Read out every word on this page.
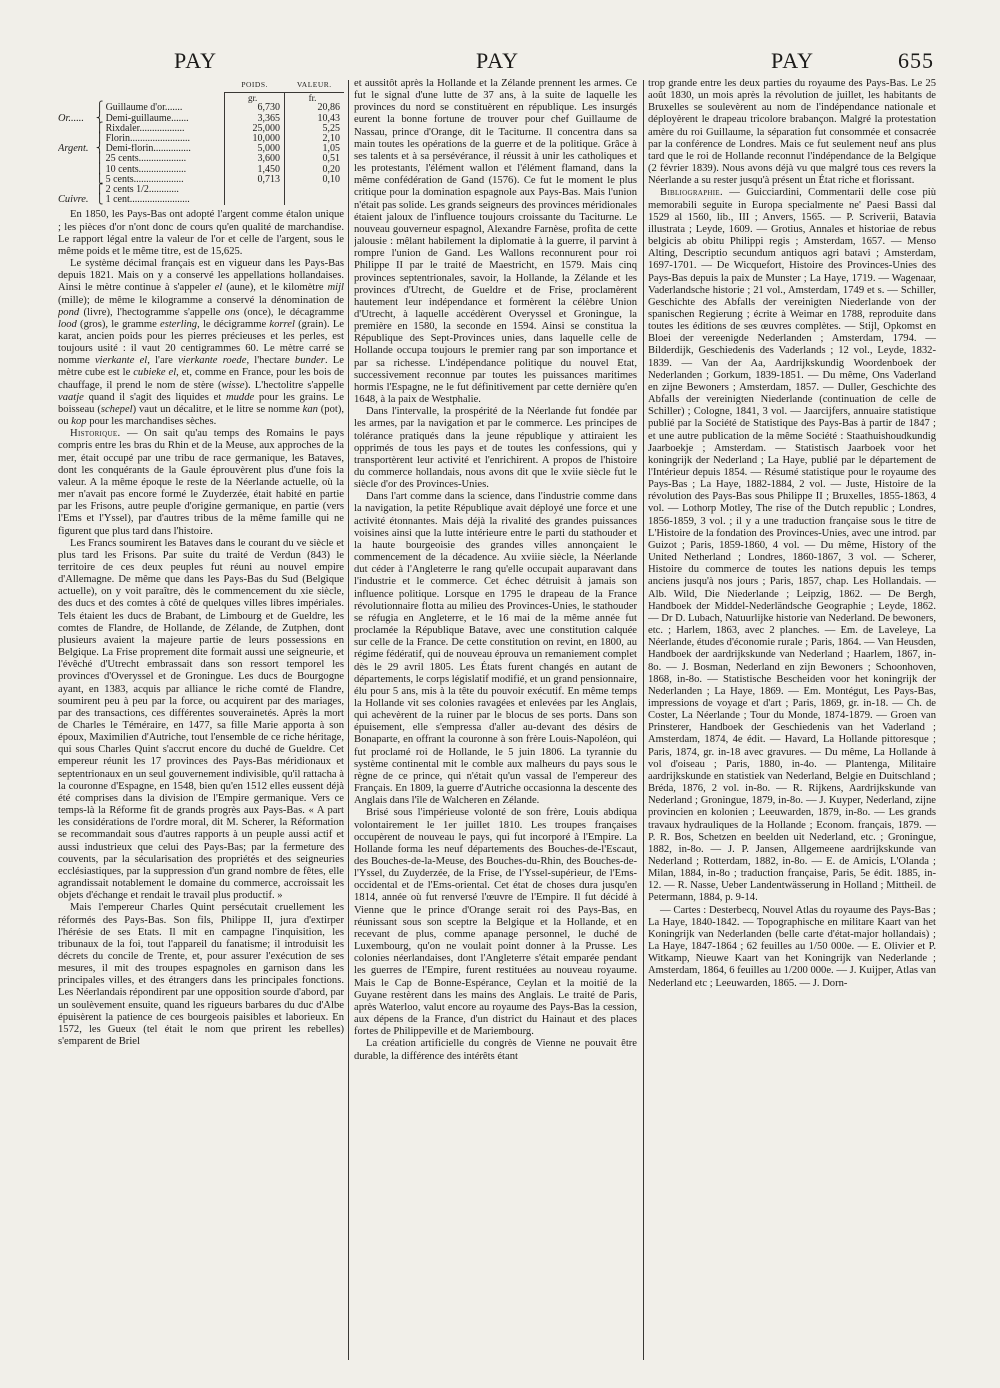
PAY	PAY	PAY	655
			POIDS.	VALEUR.
			gr.	fr.
	⎧	Guillaume d'or.......	6,730	20,86
Or......	⎨	Demi-guillaume.......	3,365	10,43
	⎧	Rixdaler..................	25,000	5,25
	⎪	Florin........................	10,000	2,10
Argent.	⎨	Demi-florin...............	5,000	1,05
	⎪	25 cents...................	3,600	0,51
	⎪	10 cents...................	1,450	0,20
	⎩	5 cents....................	0,713	0,10
	⎧	2 cents 1/2............		
Cuivre.	⎩	1 cent........................		

En 1850, les Pays-Bas ont adopté l'argent comme étalon unique ; les pièces d'or n'ont donc de cours qu'en qualité de marchandise. Le rapport légal entre la valeur de l'or et celle de l'argent, sous le même poids et le même titre, est de 15,625.

Le système décimal français est en vigueur dans les Pays-Bas depuis 1821. Mais on y a conservé les appellations hollandaises. Ainsi le mètre continue à s'appeler el (aune), et le kilomètre mijl (mille); de même le kilogramme a conservé la dénomination de pond (livre), l'hectogramme s'appelle ons (once), le décagramme lood (gros), le gramme esterling, le décigramme korrel (grain). Le karat, ancien poids pour les pierres précieuses et les perles, est toujours usité : il vaut 20 centigrammes 60. Le mètre carré se nomme vierkante el, l'are vierkante roede, l'hectare bunder. Le mètre cube est le cubieke el, et, comme en France, pour les bois de chauffage, il prend le nom de stère (wisse). L'hectolitre s'appelle vaatje quand il s'agit des liquides et mudde pour les grains. Le boisseau (schepel) vaut un décalitre, et le litre se nomme kan (pot), ou kop pour les marchandises sèches.

Historique. — On sait qu'au temps des Romains le pays compris entre les bras du Rhin et de la Meuse, aux approches de la mer, était occupé par une tribu de race germanique, les Bataves, dont les conquérants de la Gaule éprouvèrent plus d'une fois la valeur. A la même époque le reste de la Néerlande actuelle, où la mer n'avait pas encore formé le Zuyderzée, était habité en partie par les Frisons, autre peuple d'origine germanique, en partie (vers l'Ems et l'Yssel), par d'autres tribus de la même famille qui ne figurent que plus tard dans l'histoire.

Les Francs soumirent les Bataves dans le courant du ve siècle et plus tard les Frisons. Par suite du traité de Verdun (843) le territoire de ces deux peuples fut réuni au nouvel empire d'Allemagne. De même que dans les Pays-Bas du Sud (Belgique actuelle), on y voit paraître, dès le commencement du xie siècle, des ducs et des comtes à côté de quelques villes libres impériales. Tels étaient les ducs de Brabant, de Limbourg et de Gueldre, les comtes de Flandre, de Hollande, de Zélande, de Zutphen, dont plusieurs avaient la majeure partie de leurs possessions en Belgique. La Frise proprement dite formait aussi une seigneurie, et l'évêché d'Utrecht embrassait dans son ressort temporel les provinces d'Overyssel et de Groningue. Les ducs de Bourgogne ayant, en 1383, acquis par alliance le riche comté de Flandre, soumirent peu à peu par la force, ou acquirent par des mariages, par des transactions, ces différentes souverainetés. Après la mort de Charles le Téméraire, en 1477, sa fille Marie apporta à son époux, Maximilien d'Autriche, tout l'ensemble de ce riche héritage, qui sous Charles Quint s'accrut encore du duché de Gueldre. Cet empereur réunit les 17 provinces des Pays-Bas méridionaux et septentrionaux en un seul gouvernement indivisible, qu'il rattacha à la couronne d'Espagne, en 1548, bien qu'en 1512 elles eussent déjà été comprises dans la division de l'Empire germanique. Vers ce temps-là la Réforme fit de grands progrès aux Pays-Bas. « A part les considérations de l'ordre moral, dit M. Scherer, la Réformation se recommandait sous d'autres rapports à un peuple aussi actif et aussi industrieux que celui des Pays-Bas; par la fermeture des couvents, par la sécularisation des propriétés et des seigneuries ecclésiastiques, par la suppression d'un grand nombre de fêtes, elle agrandissait notablement le domaine du commerce, accroissait les objets d'échange et rendait le travail plus productif. »

Mais l'empereur Charles Quint persécutait cruellement les réformés des Pays-Bas. Son fils, Philippe II, jura d'extirper l'hérésie de ses Etats. Il mit en campagne l'inquisition, les tribunaux de la foi, tout l'appareil du fanatisme; il introduisit les décrets du concile de Trente, et, pour assurer l'exécution de ses mesures, il mit des troupes espagnoles en garnison dans les principales villes, et des étrangers dans les principales fonctions. Les Néerlandais répondirent par une opposition sourde d'abord, par un soulèvement ensuite, quand les rigueurs barbares du duc d'Albe épuisèrent la patience de ces bourgeois paisibles et laborieux. En 1572, les Gueux (tel était le nom que prirent les rebelles) s'emparent de Briel

et aussitôt après la Hollande et la Zélande prennent les armes. Ce fut le signal d'une lutte de 37 ans, à la suite de laquelle les provinces du nord se constituèrent en république. Les insurgés eurent la bonne fortune de trouver pour chef Guillaume de Nassau, prince d'Orange, dit le Taciturne. Il concentra dans sa main toutes les opérations de la guerre et de la politique. Grâce à ses talents et à sa persévérance, il réussit à unir les catholiques et les protestants, l'élément wallon et l'élément flamand, dans la même confédération de Gand (1576). Ce fut le moment le plus critique pour la domination espagnole aux Pays-Bas. Mais l'union n'était pas solide. Les grands seigneurs des provinces méridionales étaient jaloux de l'influence toujours croissante du Taciturne. Le nouveau gouverneur espagnol, Alexandre Farnèse, profita de cette jalousie : mêlant habilement la diplomatie à la guerre, il parvint à rompre l'union de Gand. Les Wallons reconnurent pour roi Philippe II par le traité de Maestricht, en 1579. Mais cinq provinces septentrionales, savoir, la Hollande, la Zélande et les provinces d'Utrecht, de Gueldre et de Frise, proclamèrent hautement leur indépendance et formèrent la célèbre Union d'Utrecht, à laquelle accédèrent Overyssel et Groningue, la première en 1580, la seconde en 1594. Ainsi se constitua la République des Sept-Provinces unies, dans laquelle celle de Hollande occupa toujours le premier rang par son importance et par sa richesse. L'indépendance politique du nouvel Etat, successivement reconnue par toutes les puissances maritimes hormis l'Espagne, ne le fut définitivement par cette dernière qu'en 1648, à la paix de Westphalie.

Dans l'intervalle, la prospérité de la Néerlande fut fondée par les armes, par la navigation et par le commerce. Les principes de tolérance pratiqués dans la jeune république y attiraient les opprimés de tous les pays et de toutes les confessions, qui y transportèrent leur activité et l'enrichirent. A propos de l'histoire du commerce hollandais, nous avons dit que le xviie siècle fut le siècle d'or des Provinces-Unies.

Dans l'art comme dans la science, dans l'industrie comme dans la navigation, la petite République avait déployé une force et une activité étonnantes. Mais déjà la rivalité des grandes puissances voisines ainsi que la lutte intérieure entre le parti du stathouder et la haute bourgeoisie des grandes villes annonçaient le commencement de la décadence. Au xviiie siècle, la Néerlande dut céder à l'Angleterre le rang qu'elle occupait auparavant dans l'industrie et le commerce. Cet échec détruisit à jamais son influence politique. Lorsque en 1795 le drapeau de la France révolutionnaire flotta au milieu des Provinces-Unies, le stathouder se réfugia en Angleterre, et le 16 mai de la même année fut proclamée la République Batave, avec une constitution calquée sur celle de la France. De cette constitution on revint, en 1800, au régime fédératif, qui de nouveau éprouva un remaniement complet dès le 29 avril 1805. Les États furent changés en autant de départements, le corps législatif modifié, et un grand pensionnaire, élu pour 5 ans, mis à la tête du pouvoir exécutif. En même temps la Hollande vit ses colonies ravagées et enlevées par les Anglais, qui achevèrent de la ruiner par le blocus de ses ports. Dans son épuisement, elle s'empressa d'aller au-devant des désirs de Bonaparte, en offrant la couronne à son frère Louis-Napoléon, qui fut proclamé roi de Hollande, le 5 juin 1806. La tyrannie du système continental mit le comble aux malheurs du pays sous le règne de ce prince, qui n'était qu'un vassal de l'empereur des Français. En 1809, la guerre d'Autriche occasionna la descente des Anglais dans l'île de Walcheren en Zélande.

Brisé sous l'impérieuse volonté de son frère, Louis abdiqua volontairement le 1er juillet 1810. Les troupes françaises occupèrent de nouveau le pays, qui fut incorporé à l'Empire. La Hollande forma les neuf départements des Bouches-de-l'Escaut, des Bouches-de-la-Meuse, des Bouches-du-Rhin, des Bouches-de-l'Yssel, du Zuyderzée, de la Frise, de l'Yssel-supérieur, de l'Ems-occidental et de l'Ems-oriental. Cet état de choses dura jusqu'en 1814, année où fut renversé l'œuvre de l'Empire. Il fut décidé à Vienne que le prince d'Orange serait roi des Pays-Bas, en réunissant sous son sceptre la Belgique et la Hollande, et en recevant de plus, comme apanage personnel, le duché de Luxembourg, qu'on ne voulait point donner à la Prusse. Les colonies néerlandaises, dont l'Angleterre s'était emparée pendant les guerres de l'Empire, furent restituées au nouveau royaume. Mais le Cap de Bonne-Espérance, Ceylan et la moitié de la Guyane restèrent dans les mains des Anglais. Le traité de Paris, après Waterloo, valut encore au royaume des Pays-Bas la cession, aux dépens de la France, d'un district du Hainaut et des places fortes de Philippeville et de Mariembourg.

La création artificielle du congrès de Vienne ne pouvait être durable, la différence des intérêts étant

trop grande entre les deux parties du royaume des Pays-Bas. Le 25 août 1830, un mois après la révolution de juillet, les habitants de Bruxelles se soulevèrent au nom de l'indépendance nationale et déployèrent le drapeau tricolore brabançon. Malgré la protestation amère du roi Guillaume, la séparation fut consommée et consacrée par la conférence de Londres. Mais ce fut seulement neuf ans plus tard que le roi de Hollande reconnut l'indépendance de la Belgique (2 février 1839). Nous avons déjà vu que malgré tous ces revers la Néerlande a su rester jusqu'à présent un État riche et florissant.

Bibliographie. — Guicciardini, Commentarii delle cose più memorabili seguite in Europa specialmente ne' Paesi Bassi dal 1529 al 1560, lib., III ; Anvers, 1565. — P. Scriverii, Batavia illustrata ; Leyde, 1609. — Grotius, Annales et historiae de rebus belgicis ab obitu Philippi regis ; Amsterdam, 1657. — Menso Alting, Descriptio secundum antiquos agri batavi ; Amsterdam, 1697-1701. — De Wicquefort, Histoire des Provinces-Unies des Pays-Bas depuis la paix de Munster ; La Haye, 1719. — Wagenaar, Vaderlandsche historie ; 21 vol., Amsterdam, 1749 et s. — Schiller, Geschichte des Abfalls der vereinigten Niederlande von der spanischen Regierung ; écrite à Weimar en 1788, reproduite dans toutes les éditions de ses œuvres complètes. — Stijl, Opkomst en Bloei der vereenigde Nederlanden ; Amsterdam, 1794. — Bilderdijk, Geschiedenis des Vaderlands ; 12 vol., Leyde, 1832-1839. — Van der Aa, Aardrijkskundig Woordenboek der Nederlanden ; Gorkum, 1839-1851. — Du même, Ons Vaderland en zijne Bewoners ; Amsterdam, 1857. — Duller, Geschichte des Abfalls der vereinigten Niederlande (continuation de celle de Schiller) ; Cologne, 1841, 3 vol. — Jaarcijfers, annuaire statistique publié par la Société de Statistique des Pays-Bas à partir de 1847 ; et une autre publication de la même Société : Staathuishoudkundig Jaarboekje ; Amsterdam. — Statistisch Jaarboek voor het koningrijk der Nederland ; La Haye, publié par le département de l'Intérieur depuis 1854. — Résumé statistique pour le royaume des Pays-Bas ; La Haye, 1882-1884, 2 vol. — Juste, Histoire de la révolution des Pays-Bas sous Philippe II ; Bruxelles, 1855-1863, 4 vol. — Lothorp Motley, The rise of the Dutch republic ; Londres, 1856-1859, 3 vol. ; il y a une traduction française sous le titre de L'Histoire de la fondation des Provinces-Unies, avec une introd. par Guizot ; Paris, 1859-1860, 4 vol. — Du même, History of the United Netherland ; Londres, 1860-1867, 3 vol. — Scherer, Histoire du commerce de toutes les nations depuis les temps anciens jusqu'à nos jours ; Paris, 1857, chap. Les Hollandais. — Alb. Wild, Die Niederlande ; Leipzig, 1862. — De Bergh, Handboek der Middel-Nederländsche Geographie ; Leyde, 1862. — Dr D. Lubach, Natuurlijke historie van Nederland. De bewoners, etc. ; Harlem, 1863, avec 2 planches. — Em. de Laveleye, La Néerlande, études d'économie rurale ; Paris, 1864. — Van Heusden, Handboek der aardrijkskunde van Nederland ; Haarlem, 1867, in-8o. — J. Bosman, Nederland en zijn Bewoners ; Schoonhoven, 1868, in-8o. — Statistische Bescheiden voor het koningrijk der Nederlanden ; La Haye, 1869. — Em. Montégut, Les Pays-Bas, impressions de voyage et d'art ; Paris, 1869, gr. in-18. — Ch. de Coster, La Néerlande ; Tour du Monde, 1874-1879. — Groen van Prinsterer, Handboek der Geschiedenis van het Vaderland ; Amsterdam, 1874, 4e édit. — Havard, La Hollande pittoresque ; Paris, 1874, gr. in-18 avec gravures. — Du même, La Hollande à vol d'oiseau ; Paris, 1880, in-4o. — Plantenga, Militaire aardrijkskunde en statistiek van Nederland, Belgie en Duitschland ; Bréda, 1876, 2 vol. in-8o. — R. Rijkens, Aardrijkskunde van Nederland ; Groningue, 1879, in-8o. — J. Kuyper, Nederland, zijne provincien en kolonien ; Leeuwarden, 1879, in-8o. — Les grands travaux hydrauliques de la Hollande ; Econom. français, 1879. — P. R. Bos, Schetzen en beelden uit Nederland, etc. ; Groningue, 1882, in-8o. — J. P. Jansen, Allgemeene aardrijkskunde van Nederland ; Rotterdam, 1882, in-8o. — E. de Amicis, L'Olanda ; Milan, 1884, in-8o ; traduction française, Paris, 5e édit. 1885, in-12. — R. Nasse, Ueber Landentwässerung in Holland ; Mittheil. de Petermann, 1884, p. 9-14.

— Cartes : Desterbecq, Nouvel Atlas du royaume des Pays-Bas ; La Haye, 1840-1842. — Topographische en militare Kaart van het Koningrijk van Nederlanden (belle carte d'état-major hollandais) ; La Haye, 1847-1864 ; 62 feuilles au 1/50 000e. — E. Olivier et P. Witkamp, Nieuwe Kaart van het Koningrijk van Nederlande ; Amsterdam, 1864, 6 feuilles au 1/200 000e. — J. Kuijper, Atlas van Nederland etc ; Leeuwarden, 1865. — J. Dorn-
